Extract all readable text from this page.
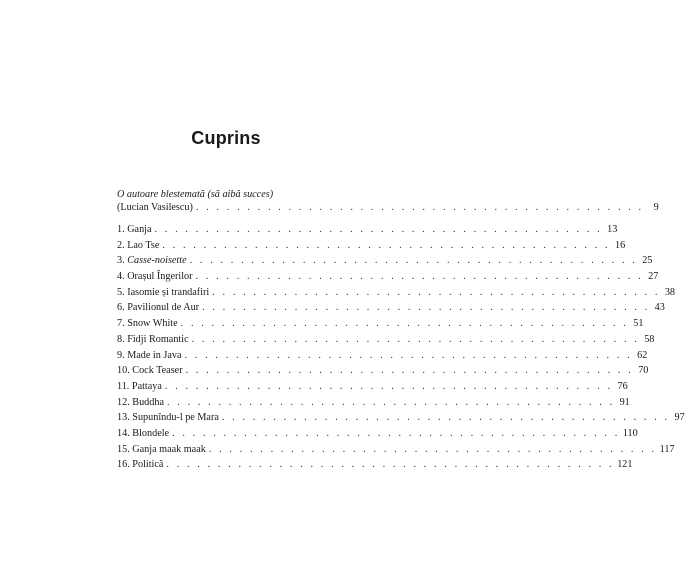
Cuprins
O autoare blestemată (să aibă succes)
(Lucian Vasilescu) . . . . . . . . . . . . . . . . . . . . . . . . . . . . . . . . . . . . . . . . . . . . 9
1. Ganja . . . . . . . . . . . . . . . . . . . . . . . . . . . . . . . . . . . . . . . . . . . . 13
2. Lao Tse . . . . . . . . . . . . . . . . . . . . . . . . . . . . . . . . . . . . . . . . . . . . 16
3. Casse-noisette . . . . . . . . . . . . . . . . . . . . . . . . . . . . . . . . . . . . . . . . . . . . 25
4. Orașul Îngerilor . . . . . . . . . . . . . . . . . . . . . . . . . . . . . . . . . . . . . . . . . . . . 27
5. Iasomie și trandafiri . . . . . . . . . . . . . . . . . . . . . . . . . . . . . . . . . . . . . . . . . . . . 38
6. Pavilionul de Aur . . . . . . . . . . . . . . . . . . . . . . . . . . . . . . . . . . . . . . . . . . . . 43
7. Snow White . . . . . . . . . . . . . . . . . . . . . . . . . . . . . . . . . . . . . . . . . . . . 51
8. Fidji Romantic . . . . . . . . . . . . . . . . . . . . . . . . . . . . . . . . . . . . . . . . . . . . 58
9. Made in Java . . . . . . . . . . . . . . . . . . . . . . . . . . . . . . . . . . . . . . . . . . . . 62
10. Cock Teaser . . . . . . . . . . . . . . . . . . . . . . . . . . . . . . . . . . . . . . . . . . . . 70
11. Pattaya . . . . . . . . . . . . . . . . . . . . . . . . . . . . . . . . . . . . . . . . . . . . 76
12. Buddha . . . . . . . . . . . . . . . . . . . . . . . . . . . . . . . . . . . . . . . . . . . . 91
13. Supunîndu-l pe Mara . . . . . . . . . . . . . . . . . . . . . . . . . . . . . . . . . . . . . . . . . . . . 97
14. Blondele . . . . . . . . . . . . . . . . . . . . . . . . . . . . . . . . . . . . . . . . . . . . 110
15. Ganja maak maak . . . . . . . . . . . . . . . . . . . . . . . . . . . . . . . . . . . . . . . . . . . . 117
16. Politică . . . . . . . . . . . . . . . . . . . . . . . . . . . . . . . . . . . . . . . . . . . . 121
